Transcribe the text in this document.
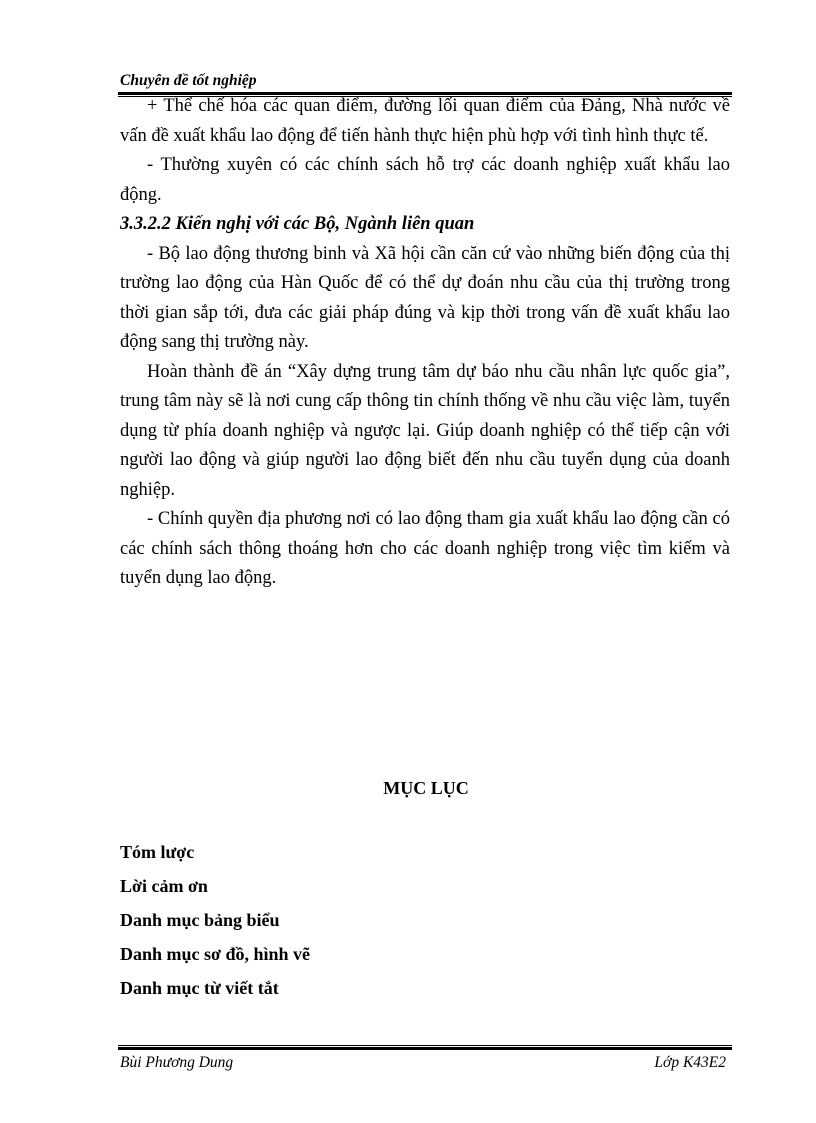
Chuyên đề tốt nghiệp

+ Thể chế hóa các quan điểm, đường lối quan điểm của Đảng, Nhà nước về vấn đề xuất khẩu lao động để tiến hành thực hiện phù hợp với tình hình thực tế.

- Thường xuyên có các chính sách hỗ trợ các doanh nghiệp xuất khẩu lao động.

3.3.2.2 Kiến nghị với các Bộ, Ngành liên quan

- Bộ lao động thương binh và Xã hội cần căn cứ vào những biến động của thị trường lao động của Hàn Quốc để có thể dự đoán nhu cầu của thị trường trong thời gian sắp tới, đưa các giải pháp đúng và kịp thời trong vấn đề xuất khẩu lao động sang thị trường này.

Hoàn thành đề án “Xây dựng trung tâm dự báo nhu cầu nhân lực quốc gia”, trung tâm này sẽ là nơi cung cấp thông tin chính thống về nhu cầu việc làm, tuyển dụng từ phía doanh nghiệp và ngược lại. Giúp doanh nghiệp có thể tiếp cận với người lao động và giúp người lao động biết đến nhu cầu tuyển dụng của doanh nghiệp.

- Chính quyền địa phương nơi có lao động tham gia xuất khẩu lao động cần có các chính sách thông thoáng hơn cho các doanh nghiệp trong việc tìm kiếm và tuyển dụng lao động.

MỤC LỤC
Tóm lược
Lời cảm ơn
Danh mục bảng biểu
Danh mục sơ đồ, hình vẽ
Danh mục từ viết tắt
Bùi Phương Dung	Lớp K43E2
